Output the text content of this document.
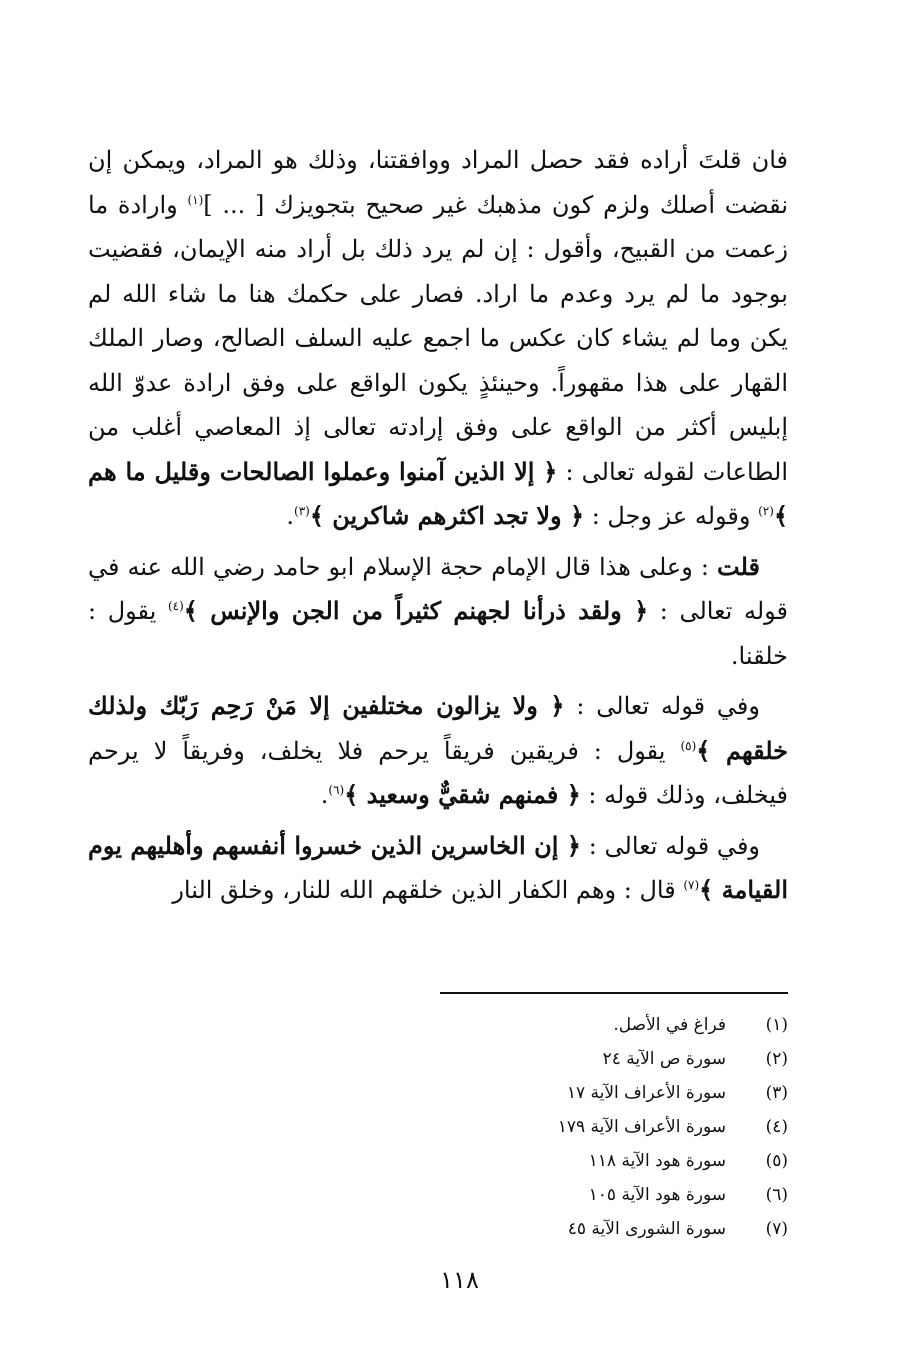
فان قلتَ أراده فقد حصل المراد ووافقتنا، وذلك هو المراد، ويمكن إن نقضت أصلك ولزم كون مذهبك غير صحيح بتجويزك [ ... ]$^{(١)}$ وارادة ما زعمت من القبيح، وأقول : إن لم يرد ذلك بل أراد منه الإيمان، فقضيت بوجود ما لم يرد وعدم ما اراد. فصار على حكمك هنا ما شاء الله لم يكن وما لم يشاء كان عكس ما اجمع عليه السلف الصالح، وصار الملك القهار على هذا مقهوراً. وحينئذٍ يكون الواقع على وفق ارادة عدوّ الله إبليس أكثر من الواقع على وفق إرادته تعالى إذ المعاصي أغلب من الطاعات لقوله تعالى : ﴿ إلا الذين آمنوا وعملوا الصالحات وقليل ما هم ﴾$^{(٢)}$ وقوله عز وجل : ﴿ ولا تجد اكثرهم شاكرين ﴾$^{(٣)}$.

قلت : وعلى هذا قال الإمام حجة الإسلام ابو حامد رضي الله عنه في قوله تعالى : ﴿ ولقد ذرأنا لجهنم كثيراً من الجن والإنس ﴾$^{(٤)}$ يقول : خلقنا.

وفي قوله تعالى : ﴿ ولا يزالون مختلفين إلا مَنْ رَحِم رَبّك ولذلك خلقهم ﴾$^{(٥)}$ يقول : فريقين فريقاً يرحم فلا يخلف، وفريقاً لا يرحم فيخلف، وذلك قوله : ﴿ فمنهم شقيٌّ وسعيد ﴾$^{(٦)}$.

وفي قوله تعالى : ﴿ إن الخاسرين الذين خسروا أنفسهم وأهليهم يوم القيامة ﴾$^{(٧)}$ قال : وهم الكفار الذين خلقهم الله للنار، وخلق النار

(١)
فراغ في الأصل.
(٢)
سورة ص الآية ٢٤
(٣)
سورة الأعراف الآية ١٧
(٤)
سورة الأعراف الآية ١٧٩
(٥)
سورة هود الآية ١١٨
(٦)
سورة هود الآية ١٠٥
(٧)
سورة الشورى الآية ٤٥
١١٨
